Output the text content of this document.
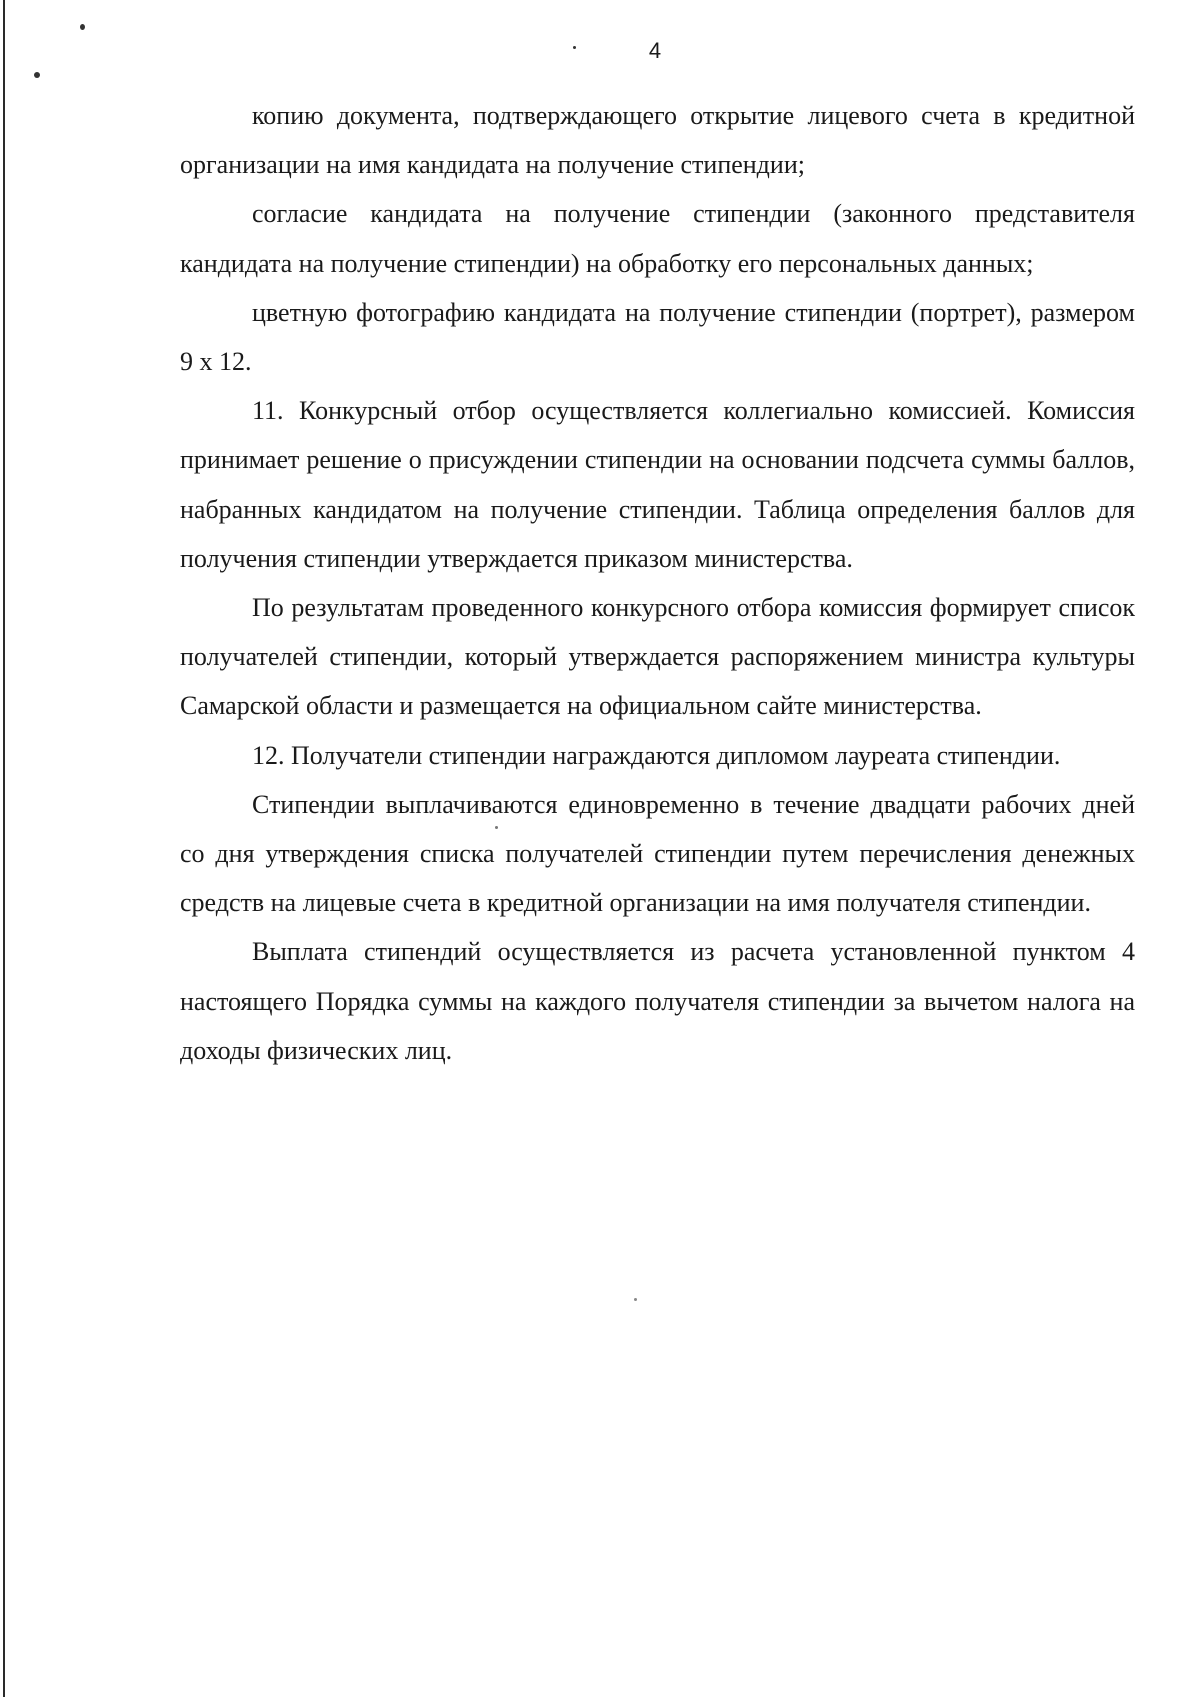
4

копию документа, подтверждающего открытие лицевого счета в кредитной организации на имя кандидата на получение стипендии;

согласие кандидата на получение стипендии (законного представителя кандидата на получение стипендии) на обработку его персональных данных;

цветную фотографию кандидата на получение стипендии (портрет), размером 9 х 12.

11. Конкурсный отбор осуществляется коллегиально комиссией. Комиссия принимает решение о присуждении стипендии на основании подсчета суммы баллов, набранных кандидатом на получение стипендии. Таблица определения баллов для получения стипендии утверждается приказом министерства.

По результатам проведенного конкурсного отбора комиссия формирует список получателей стипендии, который утверждается распоряжением министра культуры Самарской области и размещается на официальном сайте министерства.

12. Получатели стипендии награждаются дипломом лауреата стипендии.

Стипендии выплачиваются единовременно в течение двадцати рабочих дней со дня утверждения списка получателей стипендии путем перечисления денежных средств на лицевые счета в кредитной организации на имя получателя стипендии.

Выплата стипендий осуществляется из расчета установленной пунктом 4 настоящего Порядка суммы на каждого получателя стипендии за вычетом налога на доходы физических лиц.
